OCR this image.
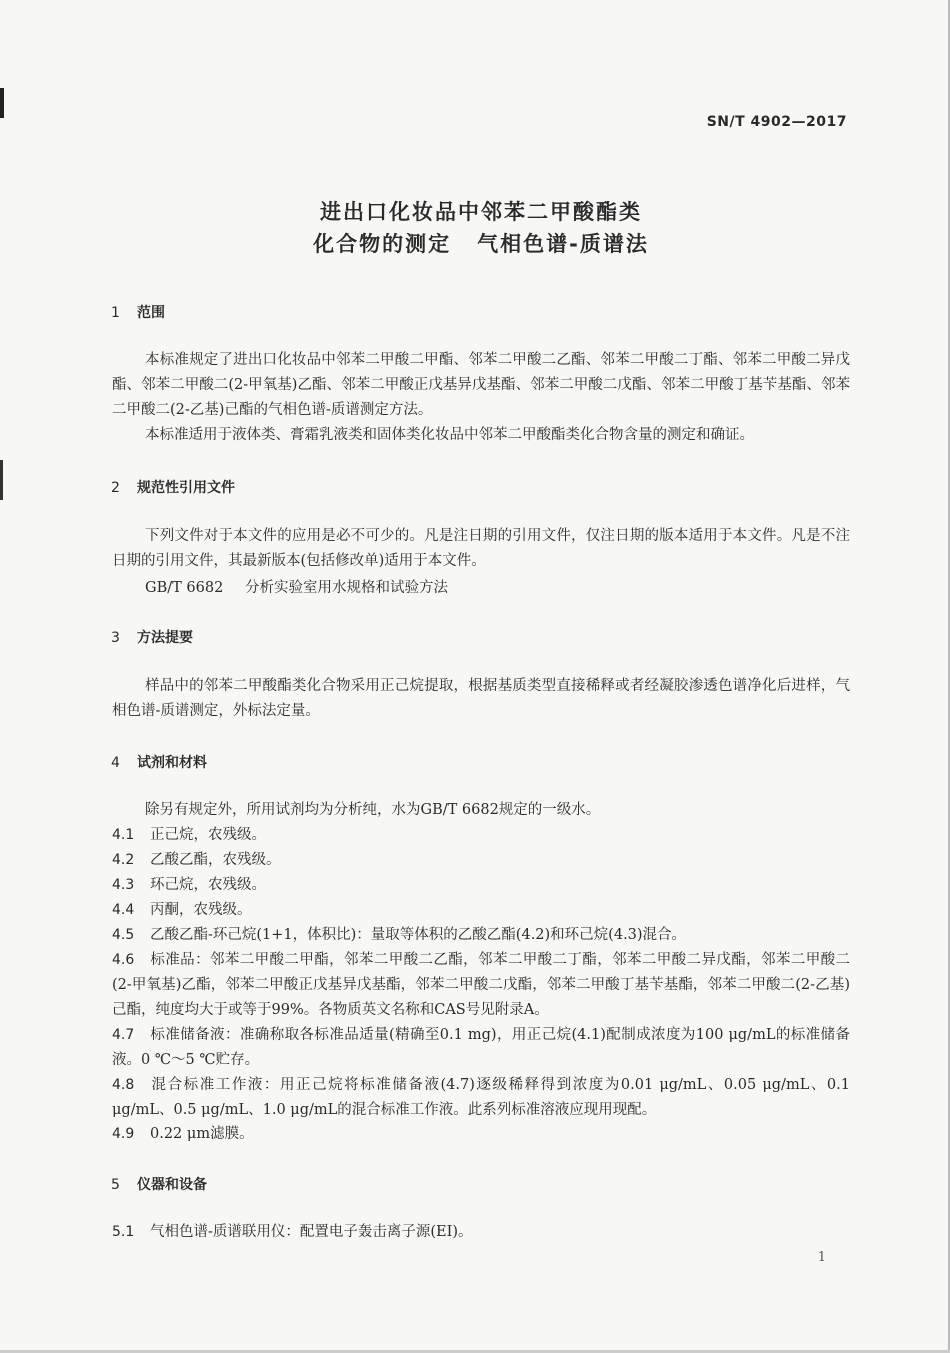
SN/T 4902—2017
进出口化妆品中邻苯二甲酸酯类
化合物的测定 气相色谱-质谱法
1 范围
本标准规定了进出口化妆品中邻苯二甲酸二甲酯、邻苯二甲酸二乙酯、邻苯二甲酸二丁酯、邻苯二甲酸二异戊酯、邻苯二甲酸二(2-甲氧基)乙酯、邻苯二甲酸正戊基异戊基酯、邻苯二甲酸二戊酯、邻苯二甲酸丁基苄基酯、邻苯二甲酸二(2-乙基)己酯的气相色谱-质谱测定方法。
本标准适用于液体类、膏霜乳液类和固体类化妆品中邻苯二甲酸酯类化合物含量的测定和确证。
2 规范性引用文件
下列文件对于本文件的应用是必不可少的。凡是注日期的引用文件，仅注日期的版本适用于本文件。凡是不注日期的引用文件，其最新版本(包括修改单)适用于本文件。
GB/T 6682 分析实验室用水规格和试验方法
3 方法提要
样品中的邻苯二甲酸酯类化合物采用正己烷提取，根据基质类型直接稀释或者经凝胶渗透色谱净化后进样，气相色谱-质谱测定，外标法定量。
4 试剂和材料
除另有规定外，所用试剂均为分析纯，水为GB/T 6682规定的一级水。
4.1 正己烷，农残级。
4.2 乙酸乙酯，农残级。
4.3 环己烷，农残级。
4.4 丙酮，农残级。
4.5 乙酸乙酯-环己烷(1+1，体积比)：量取等体积的乙酸乙酯(4.2)和环己烷(4.3)混合。
4.6 标准品：邻苯二甲酸二甲酯，邻苯二甲酸二乙酯，邻苯二甲酸二丁酯，邻苯二甲酸二异戊酯，邻苯二甲酸二(2-甲氧基)乙酯，邻苯二甲酸正戊基异戊基酯，邻苯二甲酸二戊酯，邻苯二甲酸丁基苄基酯，邻苯二甲酸二(2-乙基)己酯，纯度均大于或等于99%。各物质英文名称和CAS号见附录A。
4.7 标准储备液：准确称取各标准品适量(精确至0.1 mg)，用正己烷(4.1)配制成浓度为100 μg/mL的标准储备液。0 ℃～5 ℃贮存。
4.8 混合标准工作液：用正己烷将标准储备液(4.7)逐级稀释得到浓度为0.01 μg/mL、0.05 μg/mL、0.1 μg/mL、0.5 μg/mL、1.0 μg/mL的混合标准工作液。此系列标准溶液应现用现配。
4.9 0.22 μm滤膜。
5 仪器和设备
5.1 气相色谱-质谱联用仪：配置电子轰击离子源(EI)。
1
